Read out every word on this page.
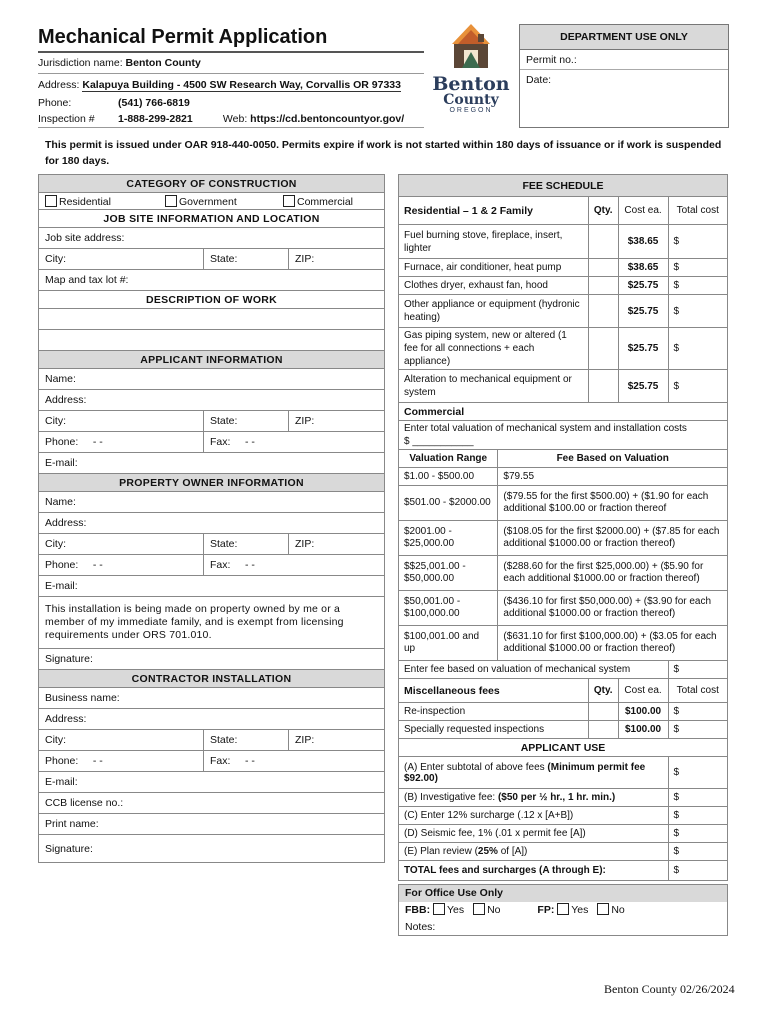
Mechanical Permit Application
Jurisdiction name: Benton County
Address: Kalapuya Building - 4500 SW Research Way, Corvallis OR 97333
Phone:	(541) 766-6819
Inspection # 1-888-299-2821	Web: https://cd.bentoncountyor.gov/
Benton
County
OREGON
DEPARTMENT USE ONLY
Permit no.:
Date:
This permit is issued under OAR 918-440-0050. Permits expire if work is not started within 180 days of issuance or if work is suspended for 180 days.
CATEGORY OF CONSTRUCTION		
Residential Government Commercial		
JOB SITE INFORMATION AND LOCATION		
Job site address:		
City:	State:	ZIP:
Map and tax lot #:		
DESCRIPTION OF WORK		

APPLICANT INFORMATION		
Name:		
Address:		
City:	State:	ZIP:
Phone: - -	Fax: - -	
E-mail:		
PROPERTY OWNER INFORMATION		
Name:		
Address:		
City:	State:	ZIP:
Phone: - -	Fax: - -	
E-mail:		
This installation is being made on property owned by me or a member of my immediate family, and is exempt from licensing requirements under ORS 701.010.		
Signature:		
CONTRACTOR INSTALLATION		
Business name:		
Address:		
City:	State:	ZIP:
Phone: - -	Fax: - -	
E-mail:		
CCB license no.:		
Print name:		
Signature:		
FEE SCHEDULE				
Residential – 1 & 2 Family		Qty.	Cost ea.	Total cost
Fuel burning stove, fireplace, insert, lighter			$38.65	$
Furnace, air conditioner, heat pump			$38.65	$
Clothes dryer, exhaust fan, hood			$25.75	$
Other appliance or equipment (hydronic heating)			$25.75	$
Gas piping system, new or altered (1 fee for all connections + each appliance)			$25.75	$
Alteration to mechanical equipment or system			$25.75	$
Commercial				

Enter total valuation of mechanical system and installation costs
$ ___________				

Valuation Range	Fee Based on Valuation			
$1.00 - $500.00	$79.55			
$501.00 - $2000.00	($79.55 for the first $500.00) + ($1.90 for each additional $100.00 or fraction thereof			
$2001.00 - $25,000.00	($108.05 for the first $2000.00) + ($7.85 for each additional $1000.00 or fraction thereof)			
$$25,001.00 - $50,000.00	($288.60 for the first $25,000.00) + ($5.90 for each additional $1000.00 or fraction thereof)			
$50,001.00 - $100,000.00	($436.10 for first $50,000.00) + ($3.90 for each additional $1000.00 or fraction thereof)			
$100,001.00 and up	($631.10 for first $100,000.00) + ($3.05 for each additional $1000.00 or fraction thereof)			
Enter fee based on valuation of mechanical system				$
Miscellaneous fees		Qty.	Cost ea.	Total cost
Re-inspection			$100.00	$
Specially requested inspections			$100.00	$
APPLICANT USE				
(A) Enter subtotal of above fees (Minimum permit fee $92.00)				$
(B) Investigative fee: ($50 per ½ hr., 1 hr. min.)				$
(C) Enter 12% surcharge (.12 x [A+B])				$
(D) Seismic fee, 1% (.01 x permit fee [A])				$
(E) Plan review (25% of [A])				$
TOTAL fees and surcharges (A through E):				$
For Office Use Only
FBB: Yes No	FP: Yes No
Notes:
Benton County 02/26/2024
